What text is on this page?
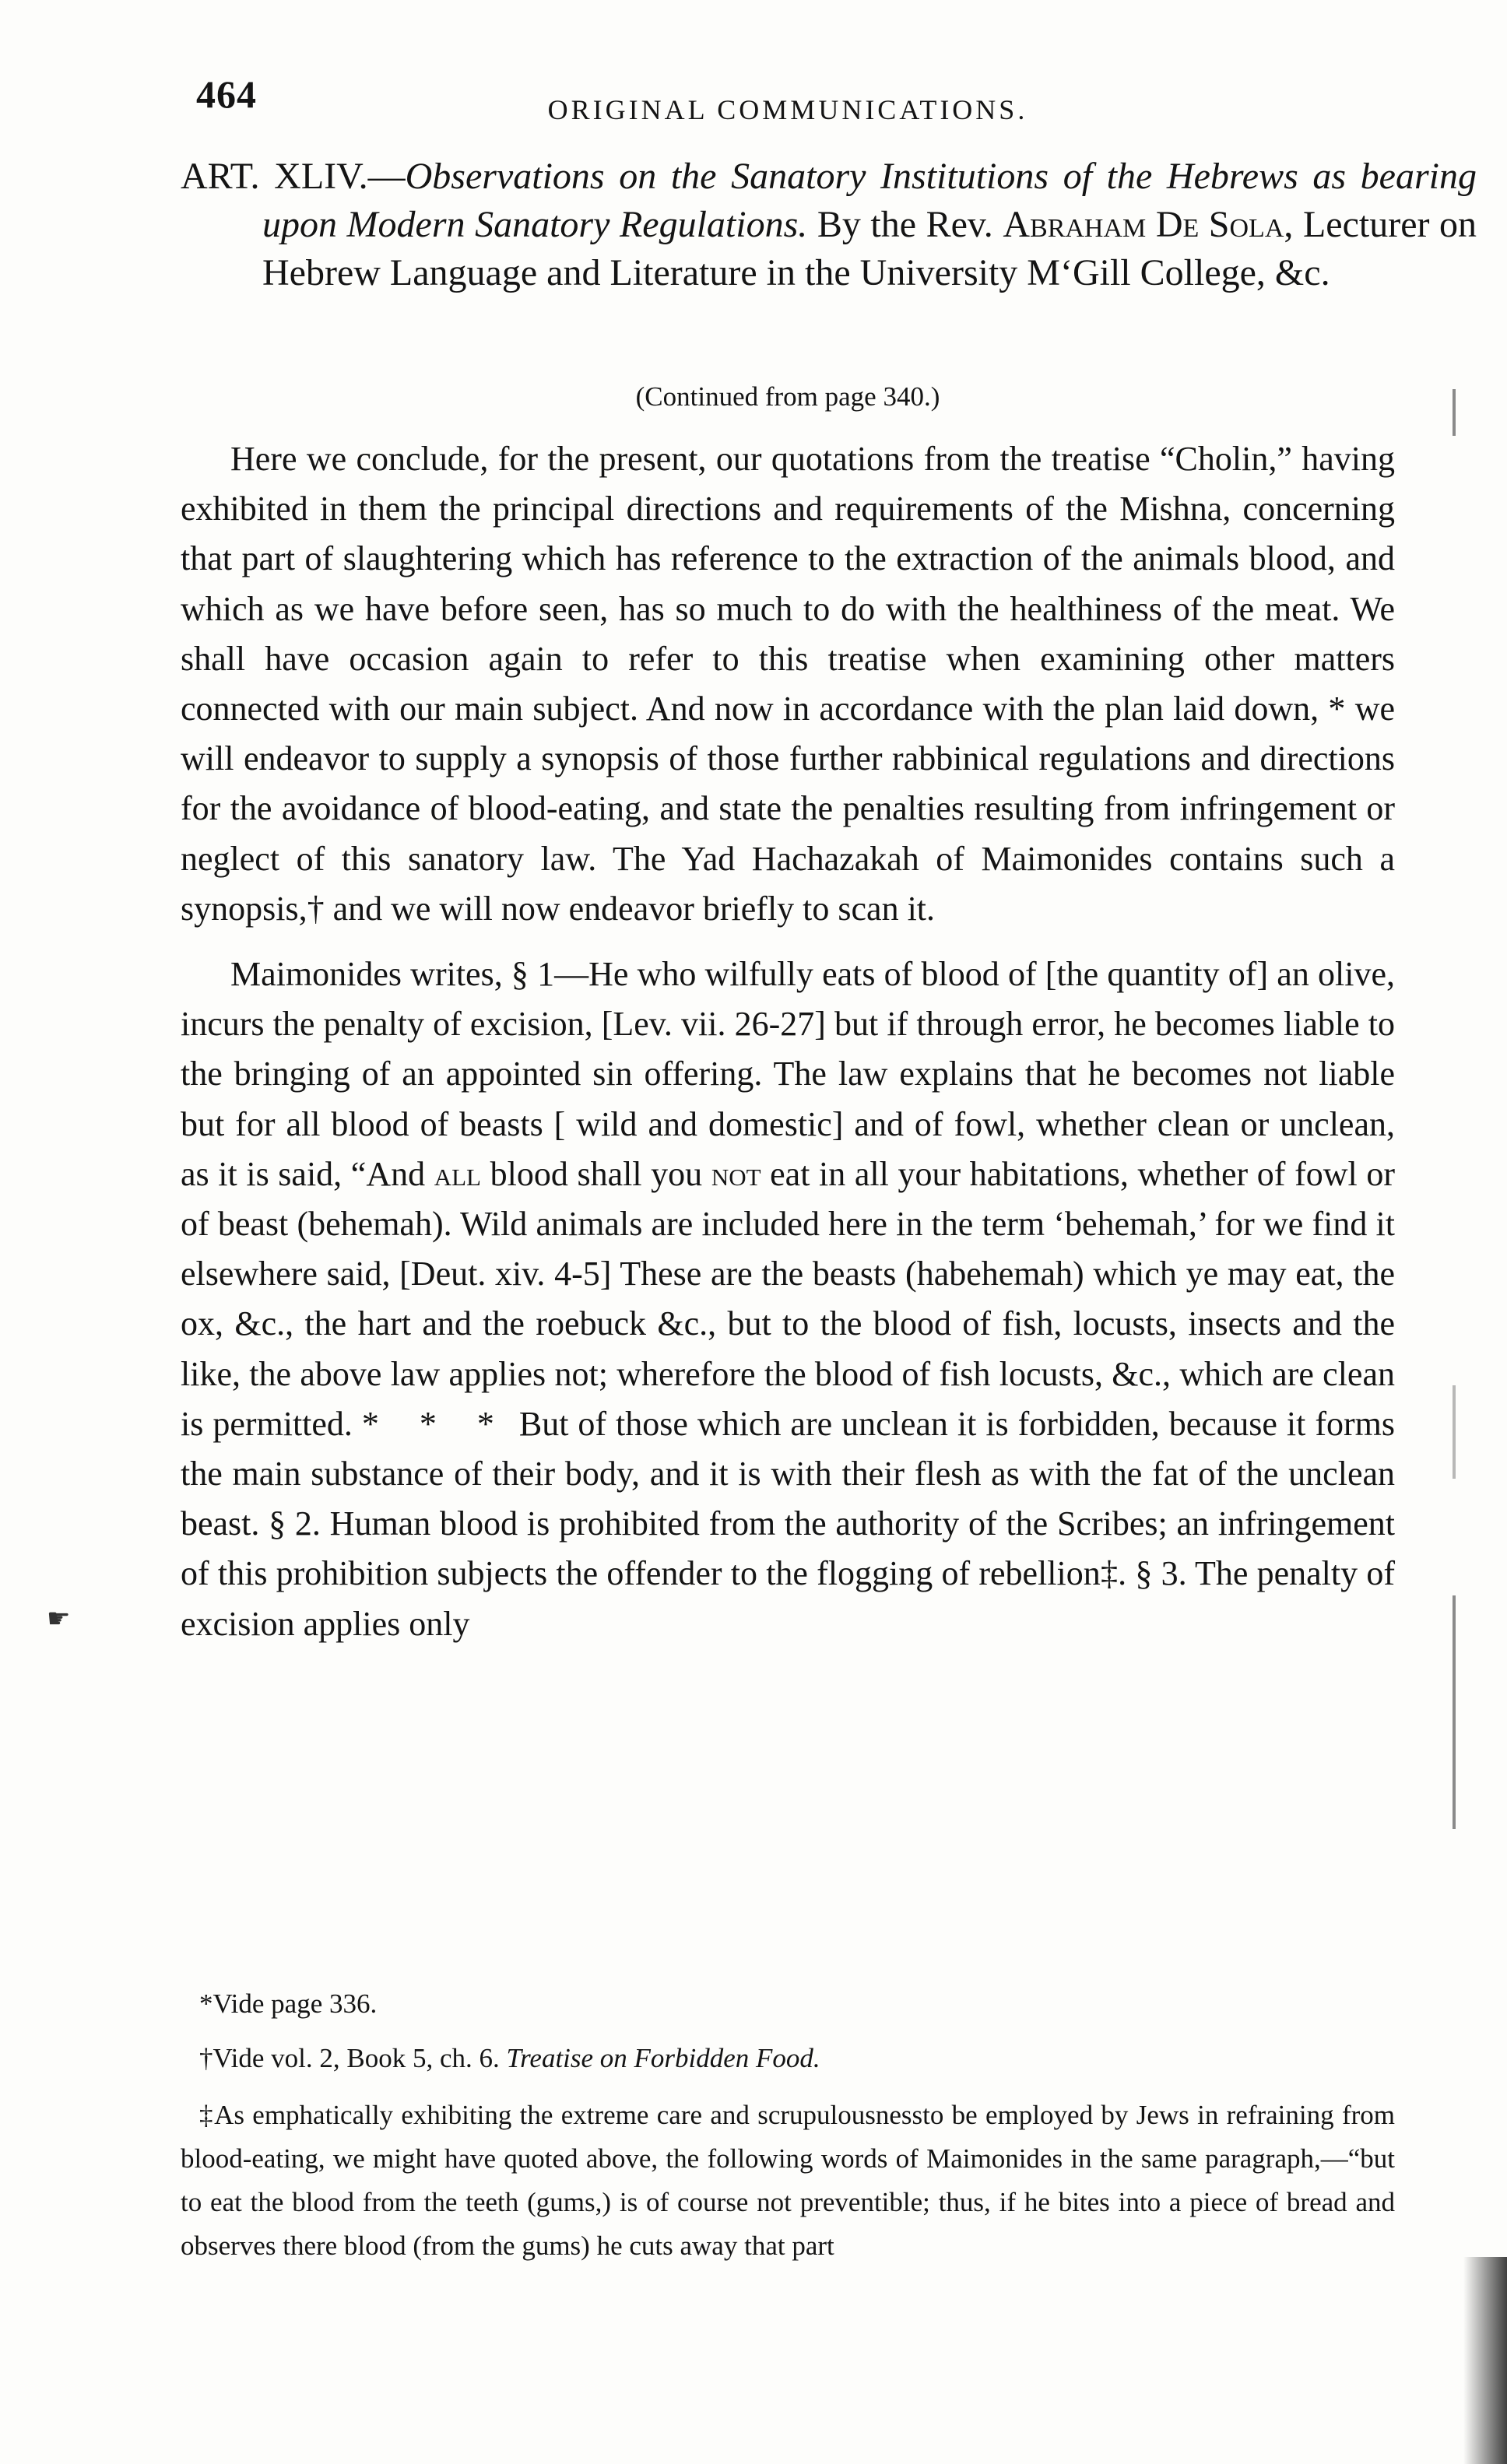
464	ORIGINAL COMMUNICATIONS.
ART. XLIV.—Observations on the Sanatory Institutions of the Hebrews as bearing upon Modern Sanatory Regulations. By the Rev. Abraham De Sola, Lecturer on Hebrew Language and Literature in the University M‘Gill College, &c.
(Continued from page 340.)

Here we conclude, for the present, our quotations from the treatise “Cholin,” having exhibited in them the principal directions and requirements of the Mishna, concerning that part of slaughtering which has reference to the extraction of the animals blood, and which as we have before seen, has so much to do with the healthiness of the meat. We shall have occasion again to refer to this treatise when examining other matters connected with our main subject. And now in accordance with the plan laid down, * we will endeavor to supply a synopsis of those further rabbinical regulations and directions for the avoidance of blood-eating, and state the penalties resulting from infringement or neglect of this sanatory law. The Yad Hachazakah of Maimonides contains such a synopsis,† and we will now endeavor briefly to scan it.

Maimonides writes, § 1—He who wilfully eats of blood of [the quantity of] an olive, incurs the penalty of excision, [Lev. vii. 26-27] but if through error, he becomes liable to the bringing of an appointed sin offering. The law explains that he becomes not liable but for all blood of beasts [ wild and domestic] and of fowl, whether clean or unclean, as it is said, “And all blood shall you not eat in all your habitations, whether of fowl or of beast (behemah). Wild animals are included here in the term ‘behemah,’ for we find it elsewhere said, [Deut. xiv. 4-5] These are the beasts (habehemah) which ye may eat, the ox, &c., the hart and the roebuck &c., but to the blood of fish, locusts, insects and the like, the above law applies not; wherefore the blood of fish locusts, &c., which are clean is permitted. * * * But of those which are unclean it is forbidden, because it forms the main substance of their body, and it is with their flesh as with the fat of the unclean beast. § 2. Human blood is prohibited from the authority of the Scribes; an infringement of this prohibition subjects the offender to the flogging of rebellion‡. § 3. The penalty of excision applies only

*Vide page 336.

†Vide vol. 2, Book 5, ch. 6. Treatise on Forbidden Food.

‡As emphatically exhibiting the extreme care and scrupulousnessto be employed by Jews in refraining from blood-eating, we might have quoted above, the following words of Maimonides in the same paragraph,—“but to eat the blood from the teeth (gums,) is of course not preventible; thus, if he bites into a piece of bread and observes there blood (from the gums) he cuts away that part

☛
